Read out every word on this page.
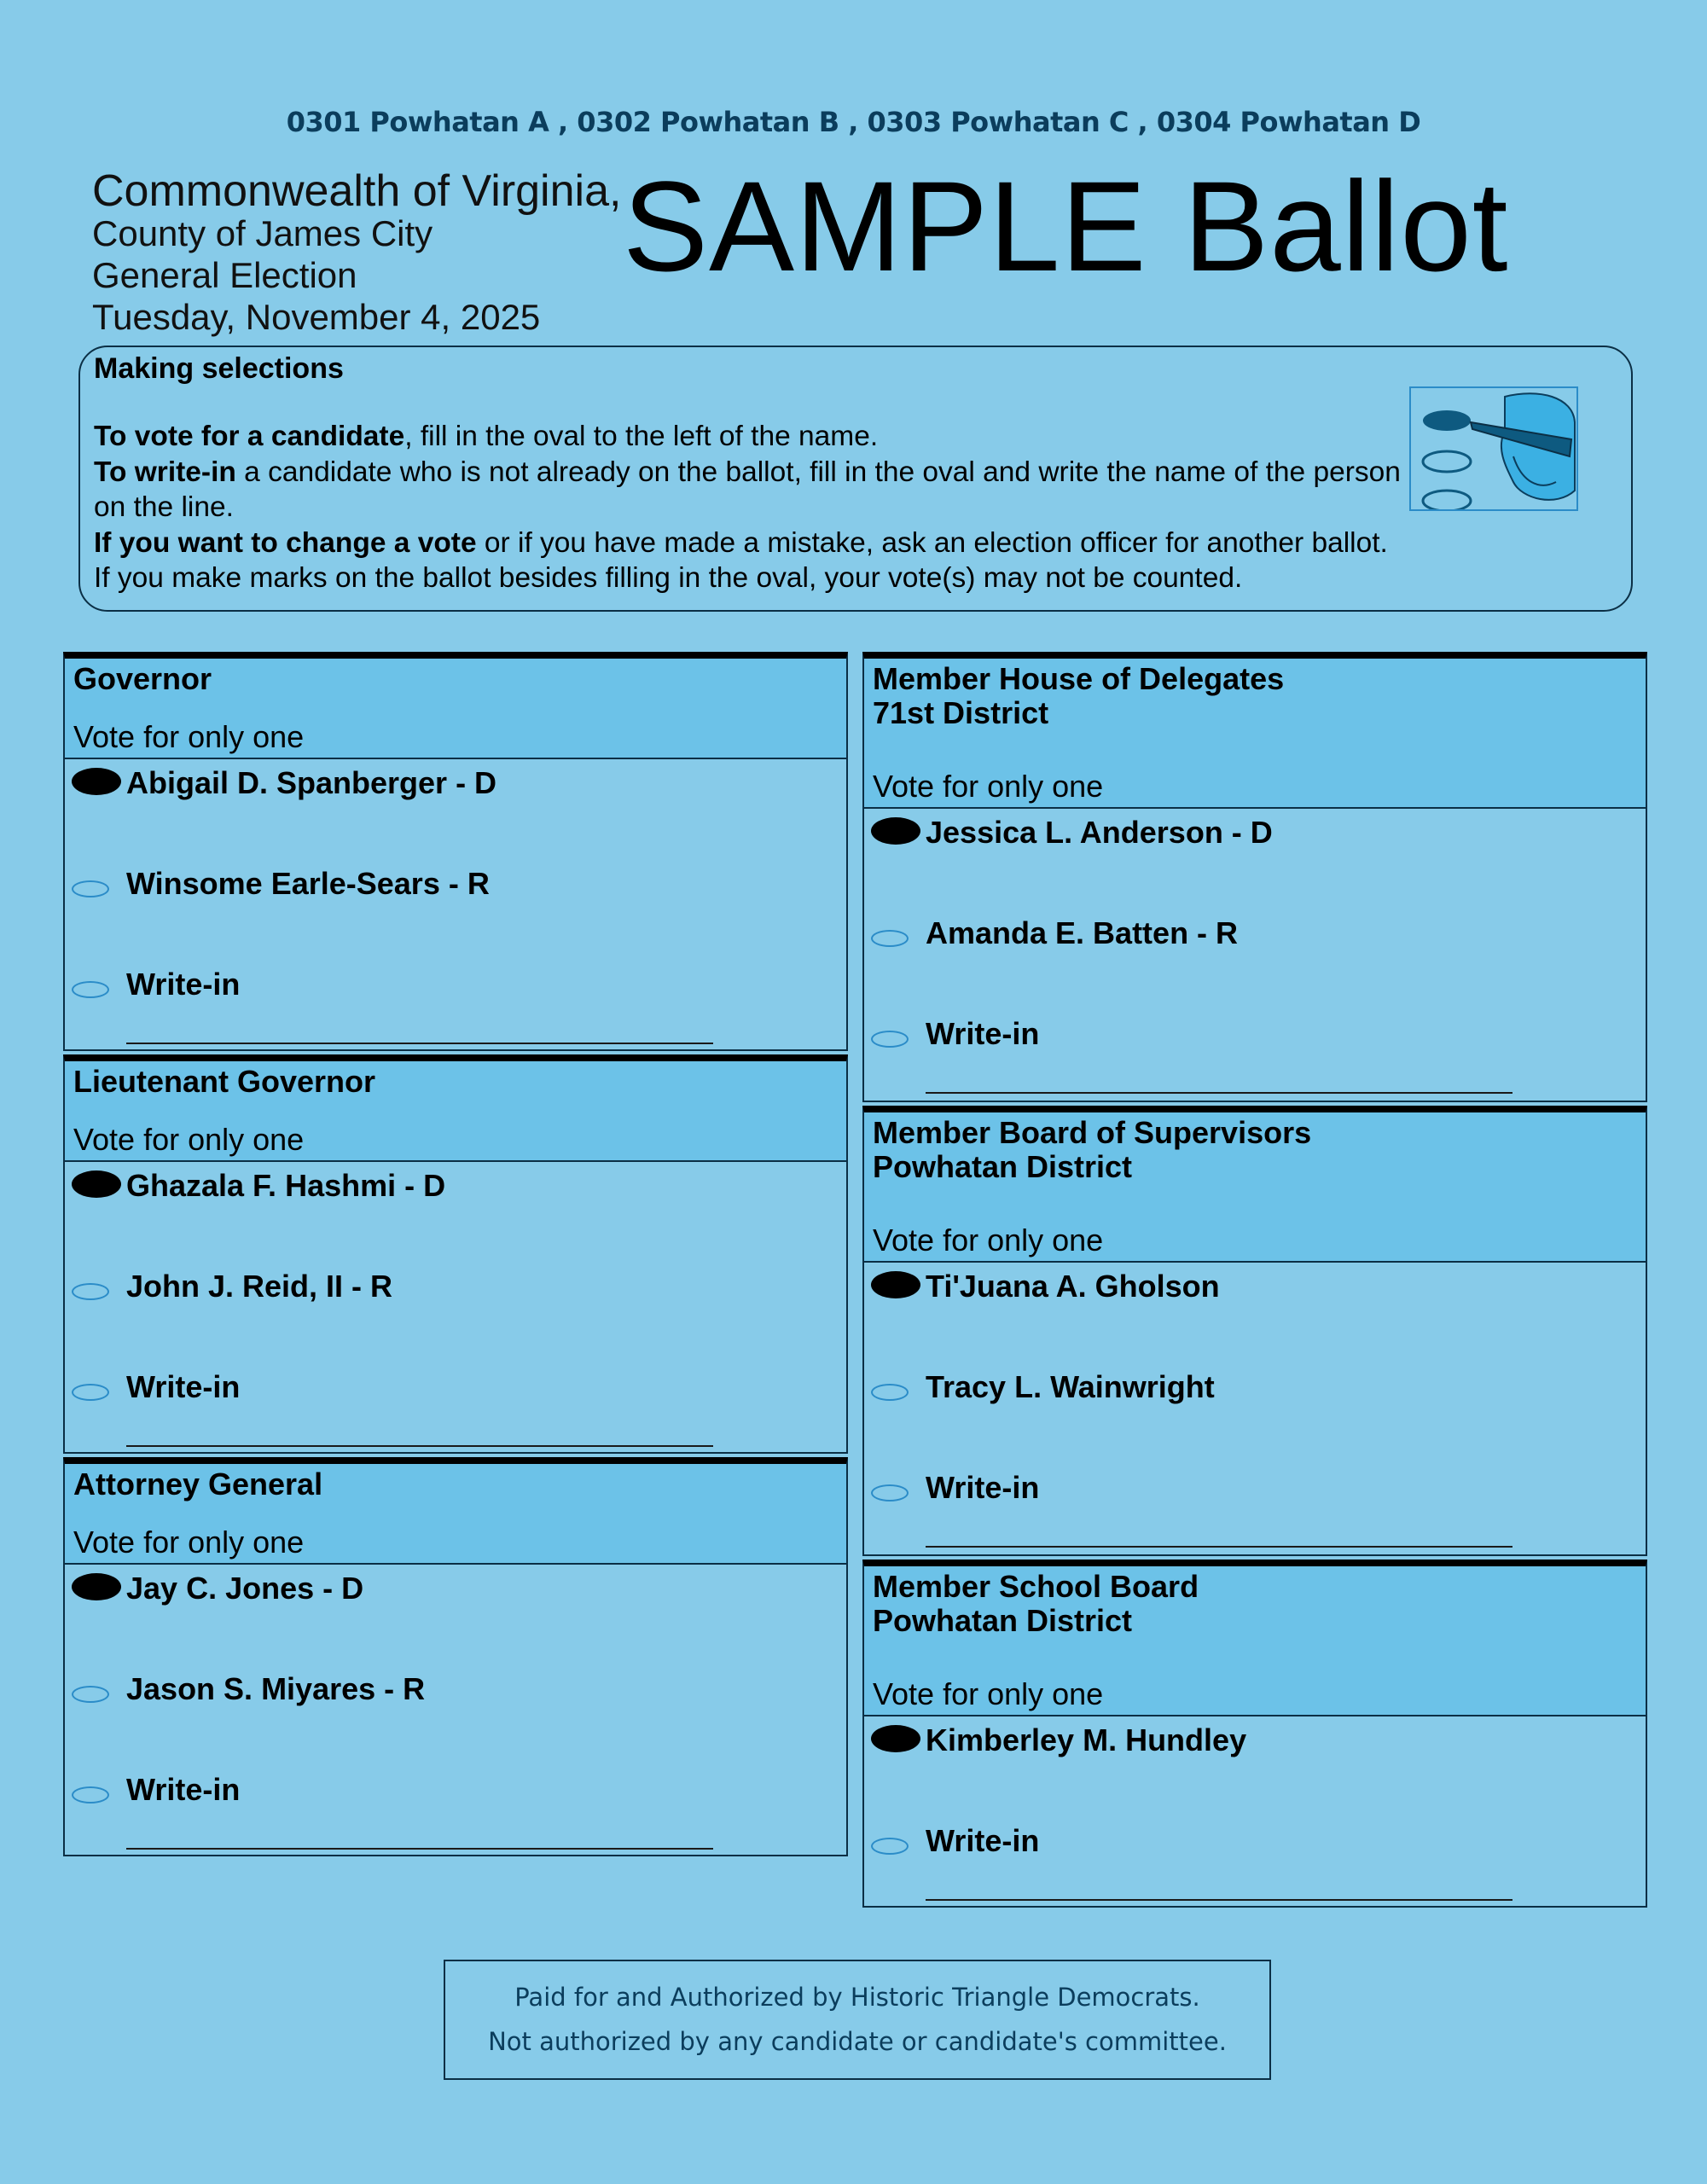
0301 Powhatan A , 0302 Powhatan B , 0303 Powhatan C , 0304 Powhatan D
Commonwealth of Virginia,
County of James City
General Election
Tuesday, November 4, 2025
SAMPLE Ballot
Making selections
To vote for a candidate, fill in the oval to the left of the name.
To write-in a candidate who is not already on the ballot, fill in the oval and write the name of the person on the line.
If you want to change a vote or if you have made a mistake, ask an election officer for another ballot.
If you make marks on the ballot besides filling in the oval, your vote(s) may not be counted.
Governor
Vote for only one
Abigail D. Spanberger - D
Winsome Earle-Sears - R
Write-in
Lieutenant Governor
Vote for only one
Ghazala F. Hashmi - D
John J. Reid, II - R
Write-in
Attorney General
Vote for only one
Jay C. Jones - D
Jason S. Miyares - R
Write-in
Member House of Delegates
71st District
Vote for only one
Jessica L. Anderson - D
Amanda E. Batten - R
Write-in
Member Board of Supervisors
Powhatan District
Vote for only one
Ti'Juana A. Gholson
Tracy L. Wainwright
Write-in
Member School Board
Powhatan District
Vote for only one
Kimberley M. Hundley
Write-in
Paid for and Authorized by Historic Triangle Democrats.
Not authorized by any candidate or candidate's committee.
